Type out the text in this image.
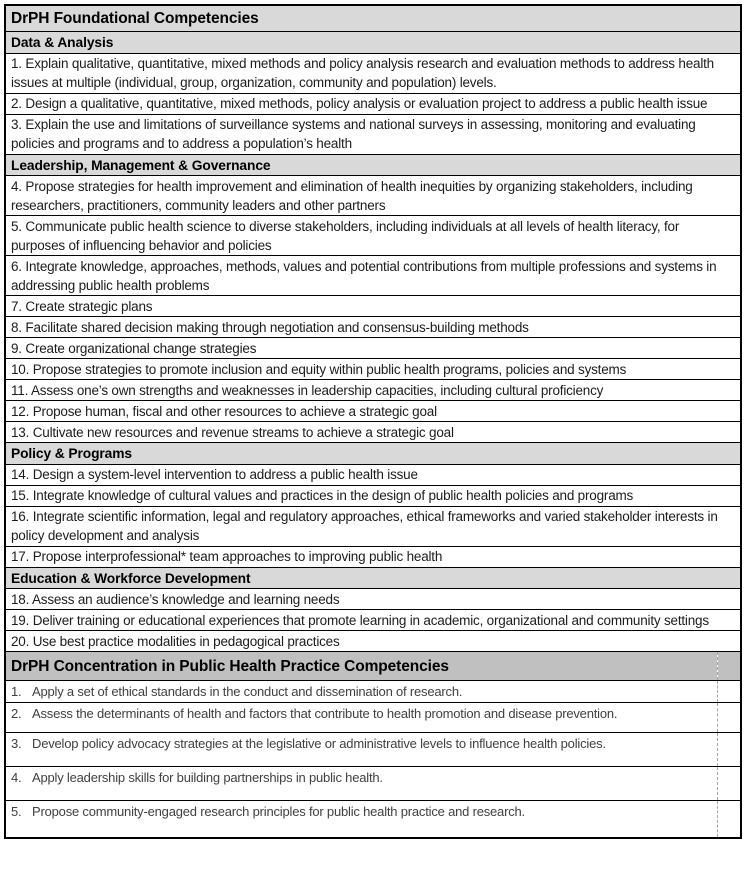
DrPH Foundational Competencies	
Data & Analysis	
1. Explain qualitative, quantitative, mixed methods and policy analysis research and evaluation methods to address health issues at multiple (individual, group, organization, community and population) levels.	
2. Design a qualitative, quantitative, mixed methods, policy analysis or evaluation project to address a public health issue	
3. Explain the use and limitations of surveillance systems and national surveys in assessing, monitoring and evaluating policies and programs and to address a population’s health	
Leadership, Management & Governance	
4. Propose strategies for health improvement and elimination of health inequities by organizing stakeholders, including researchers, practitioners, community leaders and other partners	
5. Communicate public health science to diverse stakeholders, including individuals at all levels of health literacy, for purposes of influencing behavior and policies	
6. Integrate knowledge, approaches, methods, values and potential contributions from multiple professions and systems in addressing public health problems	
7. Create strategic plans	
8. Facilitate shared decision making through negotiation and consensus-building methods	
9. Create organizational change strategies	
10. Propose strategies to promote inclusion and equity within public health programs, policies and systems	
11. Assess one’s own strengths and weaknesses in leadership capacities, including cultural proficiency	
12. Propose human, fiscal and other resources to achieve a strategic goal	
13. Cultivate new resources and revenue streams to achieve a strategic goal	
Policy & Programs	
14. Design a system-level intervention to address a public health issue	
15. Integrate knowledge of cultural values and practices in the design of public health policies and programs	
16. Integrate scientific information, legal and regulatory approaches, ethical frameworks and varied stakeholder interests in policy development and analysis	
17. Propose interprofessional* team approaches to improving public health	
Education & Workforce Development	
18. Assess an audience’s knowledge and learning needs	
19. Deliver training or educational experiences that promote learning in academic, organizational and community settings	
20. Use best practice modalities in pedagogical practices	
DrPH Concentration in Public Health Practice Competencies	
1. Apply a set of ethical standards in the conduct and dissemination of research.	
2. Assess the determinants of health and factors that contribute to health promotion and disease prevention.	
3. Develop policy advocacy strategies at the legislative or administrative levels to influence health policies.	
4. Apply leadership skills for building partnerships in public health.	
5. Propose community-engaged research principles for public health practice and research.	
